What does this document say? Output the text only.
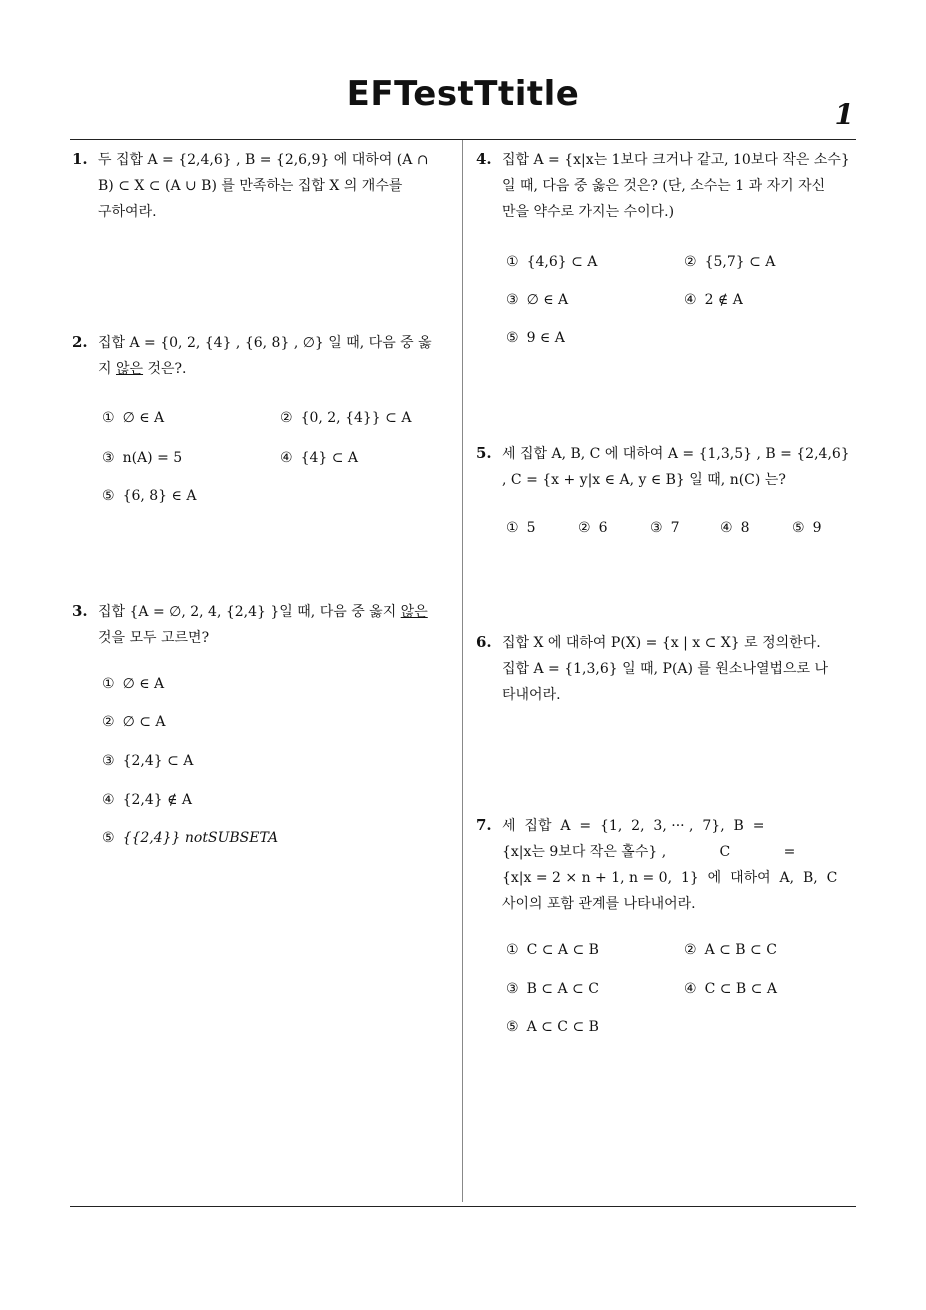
EFTestTtitle
1

1. 두 집합 A = {2,4,6} , B = {2,6,9} 에 대하여 (A ∩

B) ⊂ X ⊂ (A ∪ B) 를 만족하는 집합 X 의 개수를

구하여라.

2. 집합 A = {0, 2, {4} , {6, 8} , ∅} 일 때, 다음 중 옳

지 않은 것은?.

① ∅ ∈ A	② {0, 2, {4}} ⊂ A
③ n(A) = 5	④ {4} ⊂ A
⑤ {6, 8} ∈ A

3. 집합 {A = ∅, 2, 4, {2,4} }일 때, 다음 중 옳지 않은

것을 모두 고르면?

① ∅ ∈ A
② ∅ ⊂ A
③ {2,4} ⊂ A
④ {2,4} ∉ A
⑤ {{2,4}} notSUBSETA

4. 집합 A = {x|x는 1보다 크거나 같고, 10보다 작은 소수}

일 때, 다음 중 옳은 것은? (단, 소수는 1 과 자기 자신

만을 약수로 가지는 수이다.)

① {4,6} ⊂ A	② {5,7} ⊂ A
③ ∅ ∈ A	④ 2 ∉ A
⑤ 9 ∈ A

5. 세 집합 A, B, C 에 대하여 A = {1,3,5} , B = {2,4,6}

, C = {x + y|x ∈ A, y ∈ B} 일 때, n(C) 는?

① 5	② 6	③ 7	④ 8	⑤ 9

6. 집합 X 에 대하여 P(X) = {x | x ⊂ X} 로 정의한다.

집합 A = {1,3,6} 일 때, P(A) 를 원소나열법으로 나

타내어라.

7. 세  집합  A  =  {1,  2,  3, ··· ,  7},  B  =

{x|x는 9보다 작은 홀수} ,            C            =

{x|x = 2 × n + 1, n = 0,  1}  에  대하여  A,  B,  C

사이의 포함 관계를 나타내어라.

① C ⊂ A ⊂ B	② A ⊂ B ⊂ C
③ B ⊂ A ⊂ C	④ C ⊂ B ⊂ A
⑤ A ⊂ C ⊂ B
